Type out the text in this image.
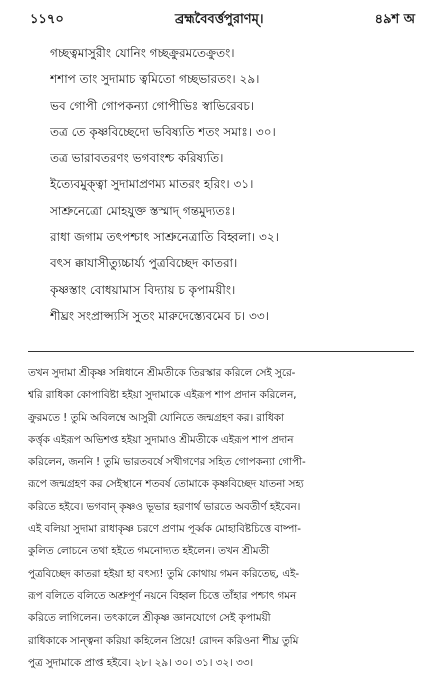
১১৭০	ব্রহ্মবৈবর্ত্তপুরাণম্।	৪৯শ অ
গচ্ছত্বমাসুরীং যোনিং গচ্ছক্রুরমতেক্রুতং।
শশাপ তাং সুদামাচ ত্বমিতো গচ্ছভারতং। ২৯।
ভব গোপী গোপকন্যা গোপীভিঃ স্বাভিরেবচ।
তত্র তে কৃষ্ণবিচ্ছেদো ভবিষ্যতি শতং সমাঃ। ৩০।
তত্র ভারাবতরণং ভগবাংশ্চ করিষ্যতি।
ইত্যেবমুক্ত্বা সুদামাপ্রণম্য মাতরং হরিং। ৩১।
সাশ্রুনেত্রো মোহযুক্ত স্তস্মাদ্ গন্তমুদ্যতঃ।
রাধা জগাম তৎপশ্চাৎ সাশ্রুনেত্রাতি বিহ্বলা। ৩২।
বৎস ক্কাযাসীত্যুচ্চার্য্য পুত্রবিচ্ছেদ কাতরা।
কৃষ্ণস্তাং বোধয়ামাস বিদ্যায় চ কৃপাময়ীং।
শীঘ্রং সংপ্রাপ্স্যসি সুতং মারুদেস্ত্যেবমেব চ। ৩৩।
তখন সুদামা শ্রীকৃষ্ণ সন্নিধানে শ্রীমতীকে তিরস্কার করিলে সেই সুরে-
শ্বরি রাধিকা কোপাবিষ্টা হইয়া সুদামাকে এইরূপ শাপ প্রদান করিলেন,
ক্রুরমতে ! তুমি অবিলম্বে আসুরী যোনিতে জন্মগ্রহণ কর। রাধিকা
কর্ত্তৃক এইরূপ অভিশপ্ত হইয়া সুদামাও শ্রীমতীকে এইরূপ শাপ প্রদান
করিলেন, জননি ! তুমি ভারতবর্ষে সখীগণের সহিত গোপকন্যা গোপী-
রূপে জন্মগ্রহণ কর সেইস্থানে শতবর্ষ তোমাকে কৃষ্ণবিচ্ছেদ যাতনা সহ্য
করিতে হইবে। ভগবান্ কৃষ্ণও ভূভার হরণার্থ ভারতে অবতীর্ণ হইবেন।
এই বলিয়া সুদামা রাধাকৃষ্ণ চরণে প্রণাম পূর্ব্বক মোহাবিষ্টচিত্তে বাষ্পা-
কুলিত লোচনে তথা হইতে গমনোদ্যত হইলেন। তখন শ্রীমতী
পুত্রবিচ্ছেদ কাতরা হইয়া হা বৎস্য! তুমি কোথায় গমন করিতেছ, এই-
রূপ বলিতে বলিতে অশ্রুপূর্ণ নয়নে বিহ্বল চিত্তে তাঁহার পশ্চাৎ গমন
করিতে লাগিলেন। তৎকালে শ্রীকৃষ্ণ জ্ঞানযোগে সেই কৃপাময়ী
রাধিকাকে সান্ত্বনা করিয়া কহিলেন প্রিয়ে! রোদন করিওনা শীঘ্র তুমি
পুত্র সুদামাকে প্রাপ্ত হইবে। ২৮। ২৯। ৩০। ৩১। ৩২। ৩৩।
